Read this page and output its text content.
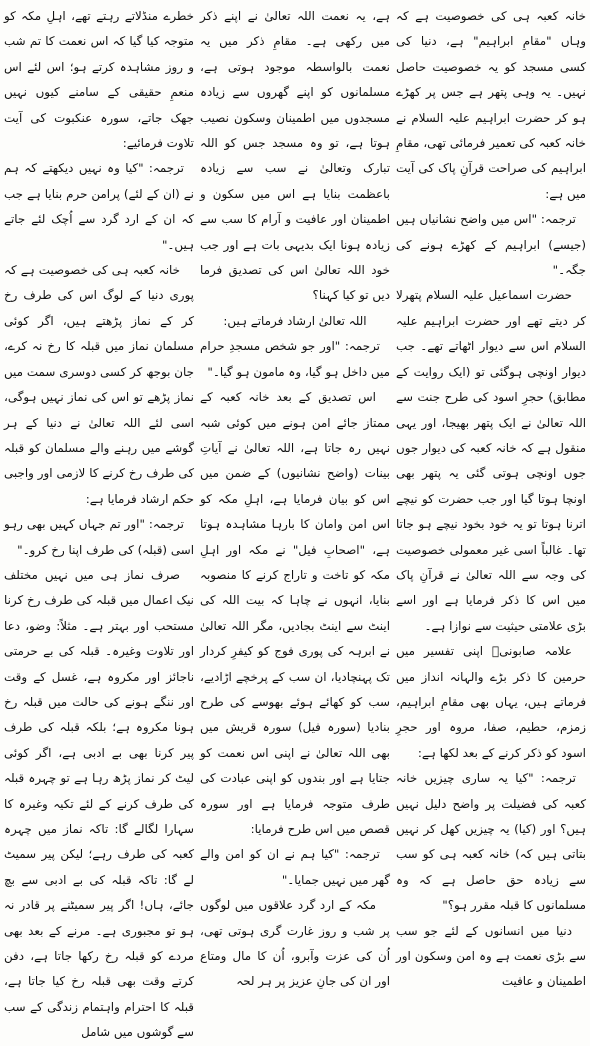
خانہ کعبہ ہی کی خصوصیت ہے کہ وہاں "مقامِ ابراہیم" ہے، دنیا کی کسی مسجد کو یہ خصوصیت حاصل نہیں۔ یہ وہی پتھر ہے جس پر کھڑے ہو کر حضرت ابراہیم علیہ السلام نے خانہ کعبہ کی تعمیر فرمائی تھی، مقامِ ابراہیم کی صراحت قرآنِ پاک کی آیت میں ہے:

ترجمہ: "اس میں واضح نشانیاں ہیں (جیسے) ابراہیم کے کھڑے ہونے کی جگہ۔"

حضرت اسماعیل علیہ السلام پتھرلا کر دیتے تھے اور حضرت ابراہیم علیہ السلام اس سے دیوار اٹھاتے تھے۔ جب دیوار اونچی ہوگئی تو (ایک روایت کے مطابق) حجرِ اسود کی طرح جنت سے اللہ تعالیٰ نے ایک پتھر بھیجا، اور یہی منقول ہے کہ خانہ کعبہ کی دیوار جوں جوں اونچی ہوتی گئی یہ پتھر بھی اونچا ہوتا گیا اور جب حضرت کو نیچے اترنا ہوتا تو یہ خود بخود نیچے ہو جاتا تھا۔ غالباً اسی غیر معمولی خصوصیت کی وجہ سے اللہ تعالیٰ نے قرآنِ پاک میں اس کا ذکر فرمایا ہے اور اسے بڑی علامتی حیثیت سے نوازا ہے۔

علامہ صابونیؒ اپنی تفسیر میں حرمین کا ذکر بڑے والہانہ انداز میں فرماتے ہیں، یہاں بھی مقامِ ابراہیم، زمزم، حطیم، صفا، مروہ اور حجرِ اسود کو ذکر کرنے کے بعد لکھا ہے:

ترجمہ: "کیا یہ ساری چیزیں خانہ کعبہ کی فضیلت پر واضح دلیل نہیں ہیں؟ اور (کیا) یہ چیزیں کھل کر نہیں بتاتی ہیں کہ) خانہ کعبہ ہی کو سب سے زیادہ حق حاصل ہے کہ وہ مسلمانوں کا قبلہ مقرر ہو؟"

دنیا میں انسانوں کے لئے جو سب سے بڑی نعمت ہے وہ امن وسکون اور اطمینان و عافیت

ہے، یہ نعمت اللہ تعالیٰ نے اپنے ذکر میں رکھی ہے۔ مقامِ ذکر میں یہ نعمت بالواسطہ موجود ہوتی ہے، مسلمانوں کو اپنے گھروں سے زیادہ مسجدوں میں اطمینان وسکون نصیب ہوتا ہے، تو وہ مسجد جس کو اللہ تبارک وتعالیٰ نے سب سے زیادہ باعظمت بنایا ہے اس میں سکون و اطمینان اور عافیت و آرام کا سب سے زیادہ ہونا ایک بدیہی بات ہے اور جب خود اللہ تعالیٰ اس کی تصدیق فرما دیں تو کیا کہنا؟

اللہ تعالیٰ ارشاد فرماتے ہیں:

ترجمہ: "اور جو شخص مسجدِ حرام میں داخل ہو گیا، وہ مامون ہو گیا۔"

اس تصدیق کے بعد خانہ کعبہ کے ممتاز جائے امن ہونے میں کوئی شبہ نہیں رہ جاتا ہے، اللہ تعالیٰ نے آیاتِ بینات (واضح نشانیوں) کے ضمن میں اس کو بیان فرمایا ہے، اہلِ مکہ کو اس امن وامان کا بارہا مشاہدہ ہوتا ہے، "اصحابِ فیل" نے مکہ اور اہلِ مکہ کو تاخت و تاراج کرنے کا منصوبہ بنایا، انہوں نے چاہا کہ بیت اللہ کی اینٹ سے اینٹ بجادیں، مگر اللہ تعالیٰ نے ابرہہ کی پوری فوج کو کیفرِ کردار تک پہنچادیا، ان سب کے پرخچے اڑادیے، سب کو کھائے ہوئے بھوسے کی طرح بنادیا (سورہ فیل) سورہ قریش میں بھی اللہ تعالیٰ نے اپنی اس نعمت کو جتایا ہے اور بندوں کو اپنی عبادت کی طرف متوجہ فرمایا ہے اور سورہ قصص میں اس طرح فرمایا:

ترجمہ: "کیا ہم نے ان کو امن والے گھر میں نہیں جمایا۔"

مکہ کے ارد گرد علاقوں میں لوگوں پر شب و روز غارت گری ہوتی تھی، اُن کی عزت وآبرو، اُن کا مال ومتاع اور ان کی جانِ عزیز پر ہر لحہ

خطرے منڈلاتے رہتے تھے، اہلِ مکہ کو متوجہ کیا گیا کہ اس نعمت کا تم شب و روز مشاہدہ کرتے ہو؛ اس لئے اس منعمِ حقیقی کے سامنے کیوں نہیں جھک جاتے، سورہ عنکبوت کی آیت تلاوت فرمائیے:

ترجمہ: "کیا وہ نہیں دیکھتے کہ ہم نے (ان کے لئے) پرامن حرم بنایا ہے جب کہ ان کے ارد گرد سے اُچک لئے جاتے ہیں۔"

خانہ کعبہ ہی کی خصوصیت ہے کہ پوری دنیا کے لوگ اس کی طرف رخ کر کے نماز پڑھتے ہیں، اگر کوئی مسلمان نماز میں قبلہ کا رخ نہ کرے، جان بوجھ کر کسی دوسری سمت میں نماز پڑھے تو اس کی نماز نہیں ہوگی، اسی لئے اللہ تعالیٰ نے دنیا کے ہر گوشے میں رہنے والے مسلمان کو قبلہ کی طرف رخ کرنے کا لازمی اور واجبی حکم ارشاد فرمایا ہے:

ترجمہ: "اور تم جہاں کہیں بھی رہو اسی (قبلہ) کی طرف اپنا رخ کرو۔"

صرف نماز ہی میں نہیں مختلف نیک اعمال میں قبلہ کی طرف رخ کرنا مستحب اور بہتر ہے۔ مثلاً: وضو، دعا اور تلاوت وغیرہ۔ قبلہ کی بے حرمتی ناجائز اور مکروہ ہے، غسل کے وقت اور ننگے ہونے کی حالت میں قبلہ رخ ہونا مکروہ ہے؛ بلکہ قبلہ کی طرف پیر کرنا بھی بے ادبی ہے، اگر کوئی لیٹ کر نماز پڑھ رہا ہے تو چہرہ قبلہ کی طرف کرنے کے لئے تکیہ وغیرہ کا سہارا لگالے گا: تاکہ نماز میں چہرہ کعبہ کی طرف رہے؛ لیکن پیر سمیٹ لے گا: تاکہ قبلہ کی بے ادبی سے بچ جائے، ہاں! اگر پیر سمیٹنے پر قادر نہ ہو تو مجبوری ہے۔ مرنے کے بعد بھی مردے کو قبلہ رخ رکھا جاتا ہے، دفن کرتے وقت بھی قبلہ رخ کیا جاتا ہے، قبلہ کا احترام واہتمام زندگی کے سب سے گوشوں میں شامل
